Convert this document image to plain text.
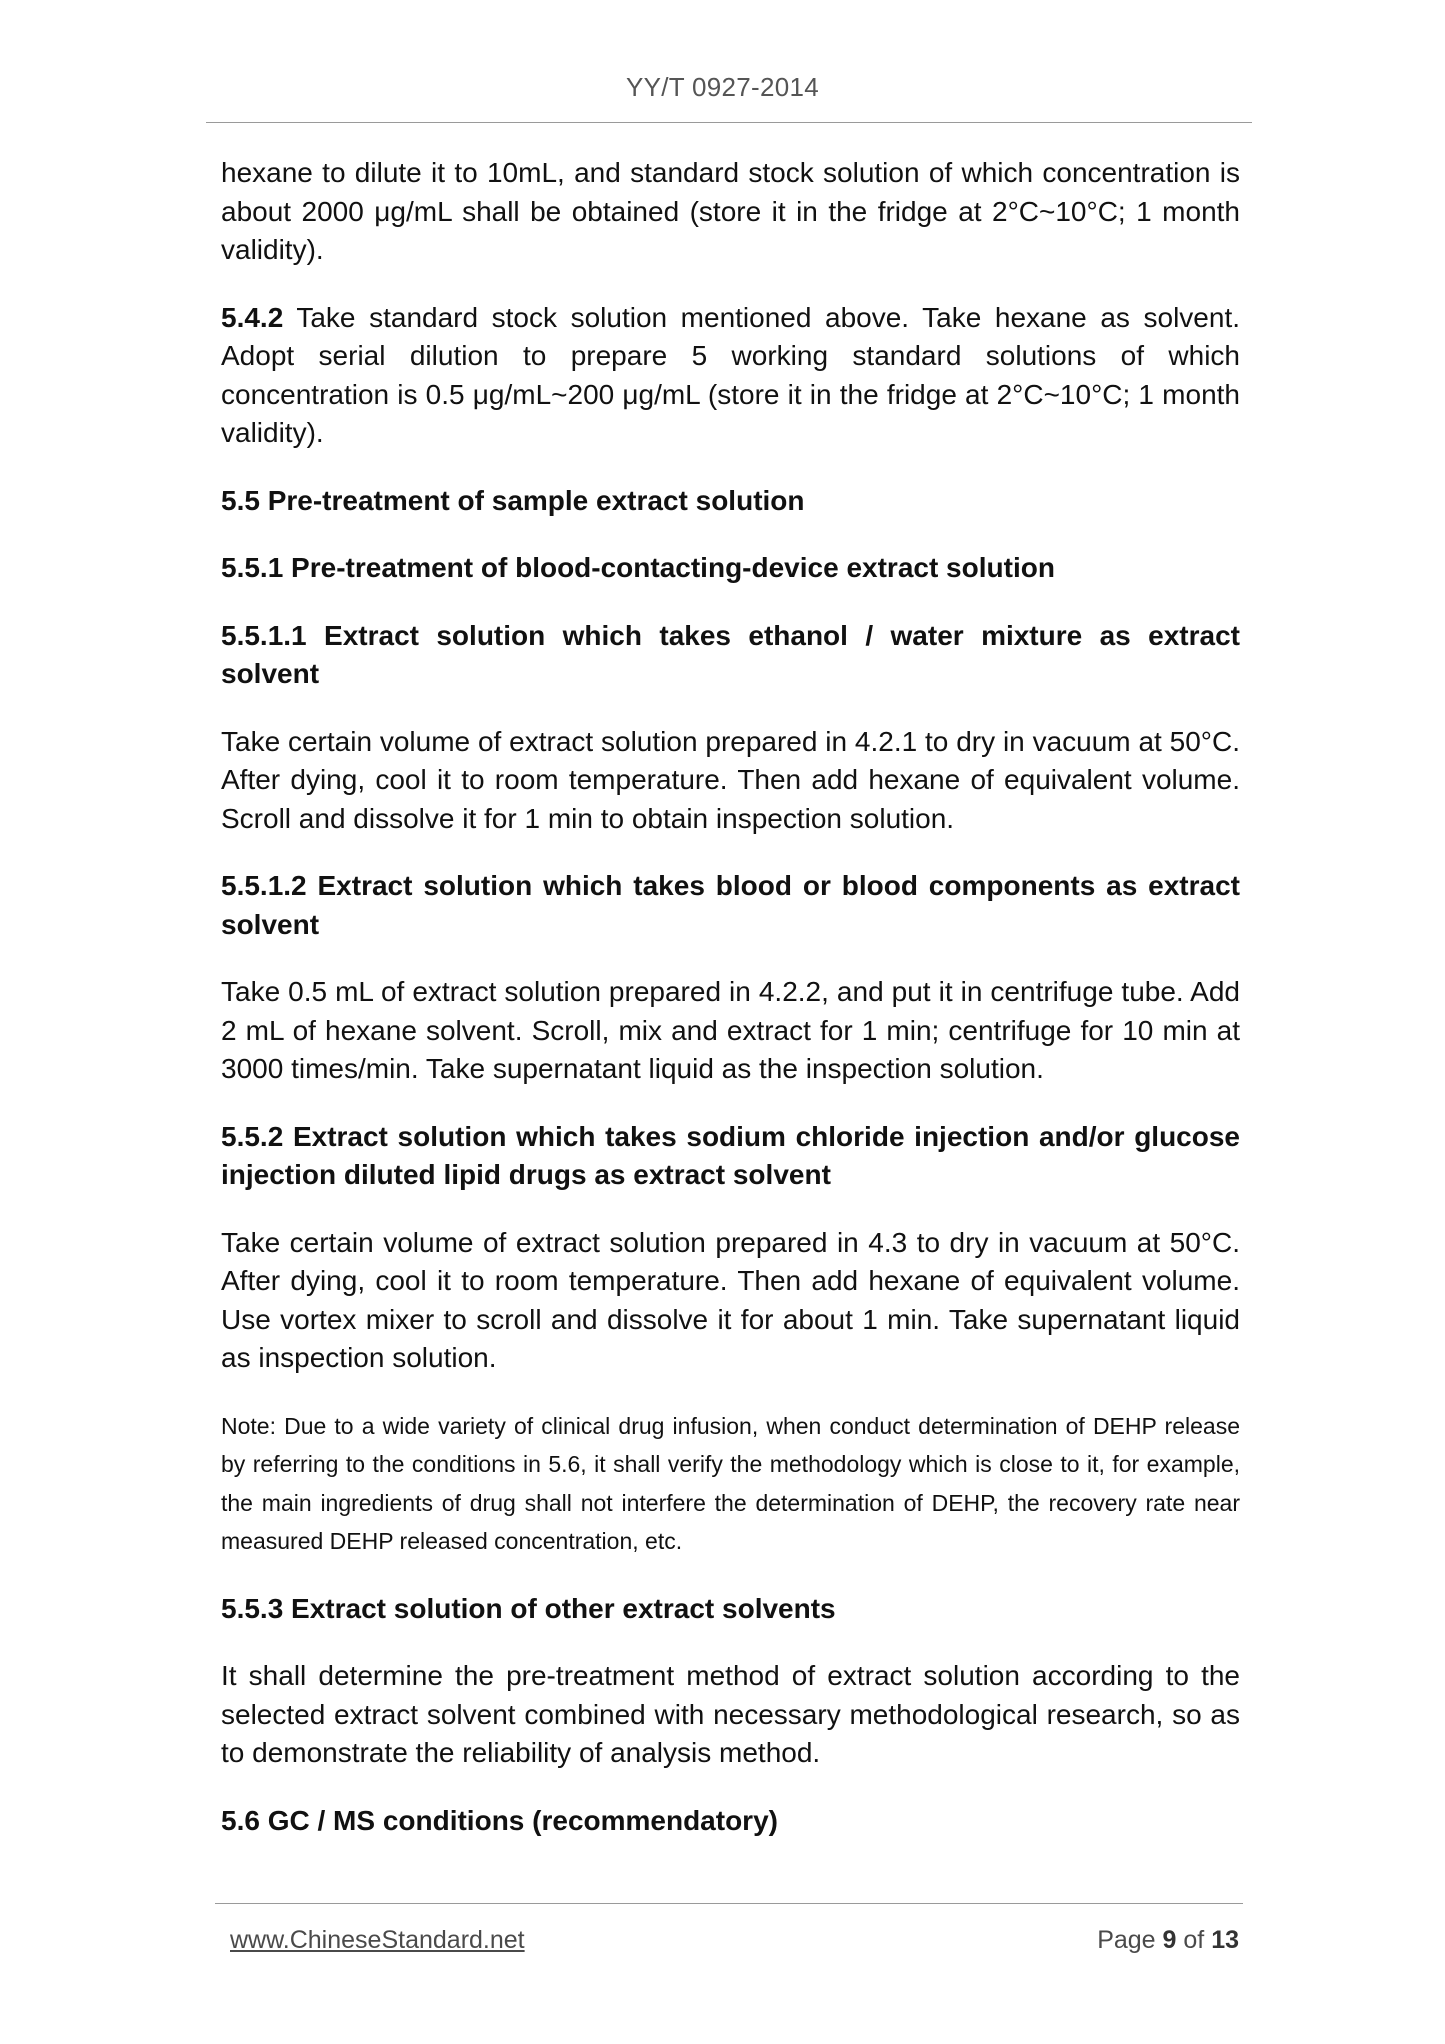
YY/T 0927-2014

hexane to dilute it to 10mL, and standard stock solution of which concentration is about 2000 μg/mL shall be obtained (store it in the fridge at 2°C~10°C; 1 month validity).

5.4.2 Take standard stock solution mentioned above. Take hexane as solvent. Adopt serial dilution to prepare 5 working standard solutions of which concentration is 0.5 μg/mL~200 μg/mL (store it in the fridge at 2°C~10°C; 1 month validity).

5.5 Pre-treatment of sample extract solution

5.5.1 Pre-treatment of blood-contacting-device extract solution

5.5.1.1 Extract solution which takes ethanol / water mixture as extract solvent

Take certain volume of extract solution prepared in 4.2.1 to dry in vacuum at 50°C. After dying, cool it to room temperature. Then add hexane of equivalent volume. Scroll and dissolve it for 1 min to obtain inspection solution.

5.5.1.2 Extract solution which takes blood or blood components as extract solvent

Take 0.5 mL of extract solution prepared in 4.2.2, and put it in centrifuge tube. Add 2 mL of hexane solvent. Scroll, mix and extract for 1 min; centrifuge for 10 min at 3000 times/min. Take supernatant liquid as the inspection solution.

5.5.2 Extract solution which takes sodium chloride injection and/or glucose injection diluted lipid drugs as extract solvent

Take certain volume of extract solution prepared in 4.3 to dry in vacuum at 50°C. After dying, cool it to room temperature. Then add hexane of equivalent volume. Use vortex mixer to scroll and dissolve it for about 1 min. Take supernatant liquid as inspection solution.

Note: Due to a wide variety of clinical drug infusion, when conduct determination of DEHP release by referring to the conditions in 5.6, it shall verify the methodology which is close to it, for example, the main ingredients of drug shall not interfere the determination of DEHP, the recovery rate near measured DEHP released concentration, etc.

5.5.3 Extract solution of other extract solvents

It shall determine the pre-treatment method of extract solution according to the selected extract solvent combined with necessary methodological research, so as to demonstrate the reliability of analysis method.

5.6 GC / MS conditions (recommendatory)

www.ChineseStandard.net	Page 9 of 13
